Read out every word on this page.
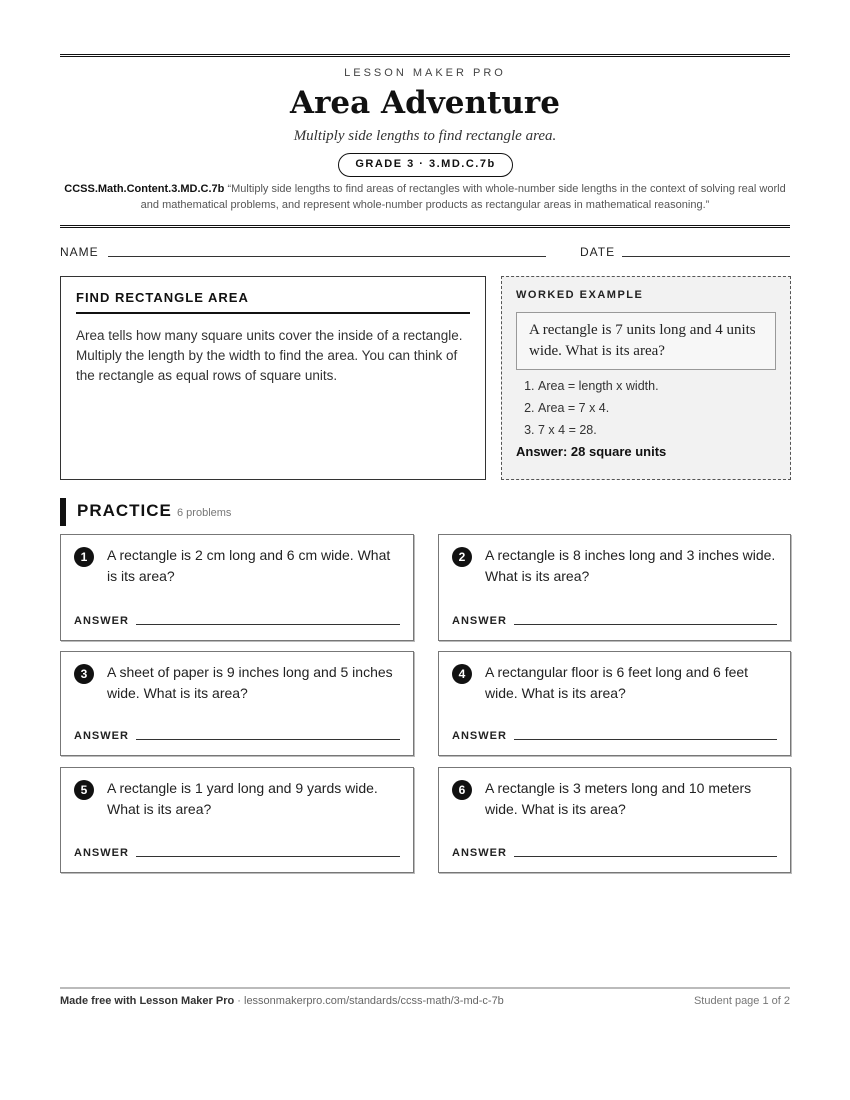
LESSON MAKER PRO
Area Adventure
Multiply side lengths to find rectangle area.
GRADE 3 · 3.MD.C.7b
CCSS.Math.Content.3.MD.C.7b “Multiply side lengths to find areas of rectangles with whole-number side lengths in the context of solving real world and mathematical problems, and represent whole-number products as rectangular areas in mathematical reasoning.”
NAME	DATE
FIND RECTANGLE AREA

Area tells how many square units cover the inside of a rectangle. Multiply the length by the width to find the area. You can think of the rectangle as equal rows of square units.

WORKED EXAMPLE
A rectangle is 7 units long and 4 units wide. What is its area?
1. Area = length x width.
2. Area = 7 x 4.
3. 7 x 4 = 28.
Answer: 28 square units
PRACTICE 6 problems
1	A rectangle is 2 cm long and 6 cm wide. What is its area?
ANSWER
2	A rectangle is 8 inches long and 3 inches wide. What is its area?
ANSWER
3	A sheet of paper is 9 inches long and 5 inches wide. What is its area?
ANSWER
4	A rectangular floor is 6 feet long and 6 feet wide. What is its area?
ANSWER
5	A rectangle is 1 yard long and 9 yards wide. What is its area?
ANSWER
6	A rectangle is 3 meters long and 10 meters wide. What is its area?
ANSWER
Made free with Lesson Maker Pro · lessonmakerpro.com/standards/ccss-math/3-md-c-7b	Student page 1 of 2
